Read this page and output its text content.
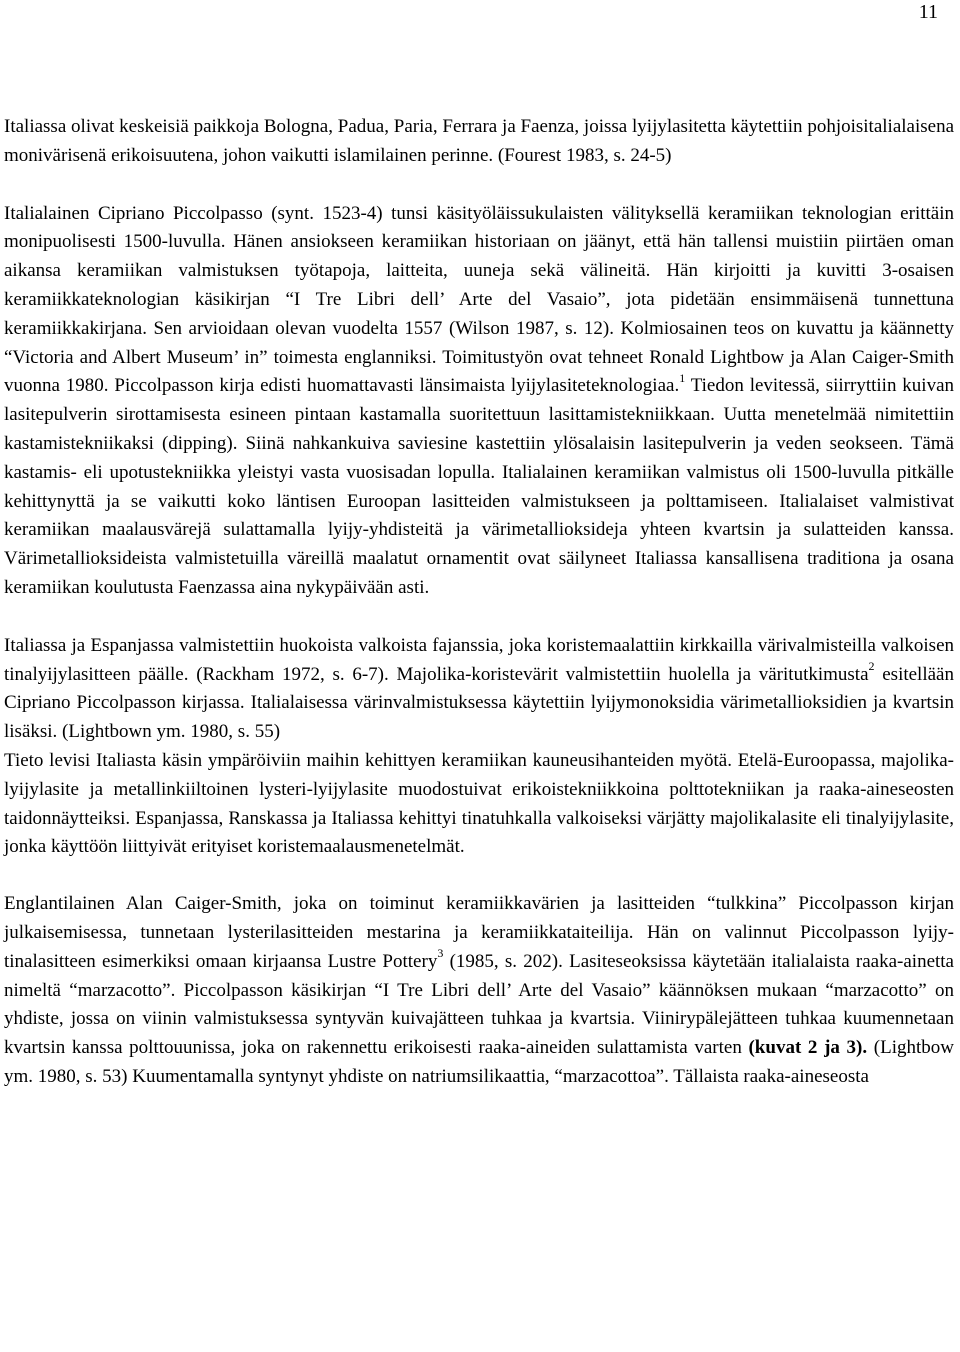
11

Italiassa olivat keskeisiä paikkoja Bologna, Padua, Paria, Ferrara ja Faenza, joissa lyijylasitetta käytettiin pohjoisitalialaisena monivärisenä erikoisuutena, johon vaikutti islamilainen perinne. (Fourest 1983, s. 24-5)

Italialainen Cipriano Piccolpasso (synt. 1523-4) tunsi käsityöläissukulaisten välityksellä keramiikan teknologian erittäin monipuolisesti 1500-luvulla. Hänen ansiokseen keramiikan historiaan on jäänyt, että hän tallensi muistiin piirtäen oman aikansa keramiikan valmistuksen työtapoja, laitteita, uuneja sekä välineitä. Hän kirjoitti ja kuvitti 3-osaisen keramiikkateknologian käsikirjan “I Tre Libri dell’ Arte del Vasaio”, jota pidetään ensimmäisenä tunnettuna keramiikkakirjana. Sen arvioidaan olevan vuodelta 1557 (Wilson 1987, s. 12). Kolmiosainen teos on kuvattu ja käännetty “Victoria and Albert Museum’ in” toimesta englanniksi. Toimitustyön ovat tehneet Ronald Lightbow ja Alan Caiger-Smith vuonna 1980. Piccolpasson kirja edisti huomattavasti länsimaista lyijylasiteteknologiaa.$^1$ Tiedon levitessä, siirryttiin kuivan lasitepulverin sirottamisesta esineen pintaan kastamalla suoritettuun lasittamistekniikkaan. Uutta menetelmää nimitettiin kastamistekniikaksi (dipping). Siinä nahkankuiva saviesine kastettiin ylösalaisin lasitepulverin ja veden seokseen. Tämä kastamis- eli upotustekniikka yleistyi vasta vuosisadan lopulla. Italialainen keramiikan valmistus oli 1500-luvulla pitkälle kehittynyttä ja se vaikutti koko läntisen Euroopan lasitteiden valmistukseen ja polttamiseen. Italialaiset valmistivat keramiikan maalausvärejä sulattamalla lyijy-yhdisteitä ja värimetallioksideja yhteen kvartsin ja sulatteiden kanssa. Värimetallioksideista valmistetuilla väreillä maalatut ornamentit ovat säilyneet Italiassa kansallisena traditiona ja osana keramiikan koulutusta Faenzassa aina nykypäivään asti.

Italiassa ja Espanjassa valmistettiin huokoista valkoista fajanssia, joka koristemaalattiin kirkkailla värivalmisteilla valkoisen tinalyijylasitteen päälle. (Rackham 1972, s. 6-7). Majolika-koristevärit valmistettiin huolella ja väritutkimusta$^2$ esitellään Cipriano Piccolpasson kirjassa. Italialaisessa värinvalmistuksessa käytettiin lyijymonoksidia värimetallioksidien ja kvartsin lisäksi. (Lightbown ym. 1980, s. 55)

Tieto levisi Italiasta käsin ympäröiviin maihin kehittyen keramiikan kauneusihanteiden myötä. Etelä-Euroopassa, majolika-lyijylasite ja metallinkiiltoinen lysteri-lyijylasite muodostuivat erikoistekniikkoina polttotekniikan ja raaka-aineseosten taidonnäytteiksi. Espanjassa, Ranskassa ja Italiassa kehittyi tinatuhkalla valkoiseksi värjätty majolikalasite eli tinalyijylasite, jonka käyttöön liittyivät erityiset koristemaalausmenetelmät.

Englantilainen Alan Caiger-Smith, joka on toiminut keramiikkavärien ja lasitteiden “tulkkina” Piccolpasson kirjan julkaisemisessa, tunnetaan lysterilasitteiden mestarina ja keramiikkataiteilija. Hän on valinnut Piccolpasson lyijy-tinalasitteen esimerkiksi omaan kirjaansa Lustre Pottery$^3$ (1985, s. 202). Lasiteseoksissa käytetään italialaista raaka-ainetta nimeltä “marzacotto”. Piccolpasson käsikirjan “I Tre Libri dell’ Arte del Vasaio” käännöksen mukaan “marzacotto” on yhdiste, jossa on viinin valmistuksessa syntyvän kuivajätteen tuhkaa ja kvartsia. Viinirypälejätteen tuhkaa kuumennetaan kvartsin kanssa polttouunissa, joka on rakennettu erikoisesti raaka-aineiden sulattamista varten (kuvat 2 ja 3). (Lightbow ym. 1980, s. 53) Kuumentamalla syntynyt yhdiste on natriumsilikaattia, “marzacottoa”. Tällaista raaka-aineseosta
